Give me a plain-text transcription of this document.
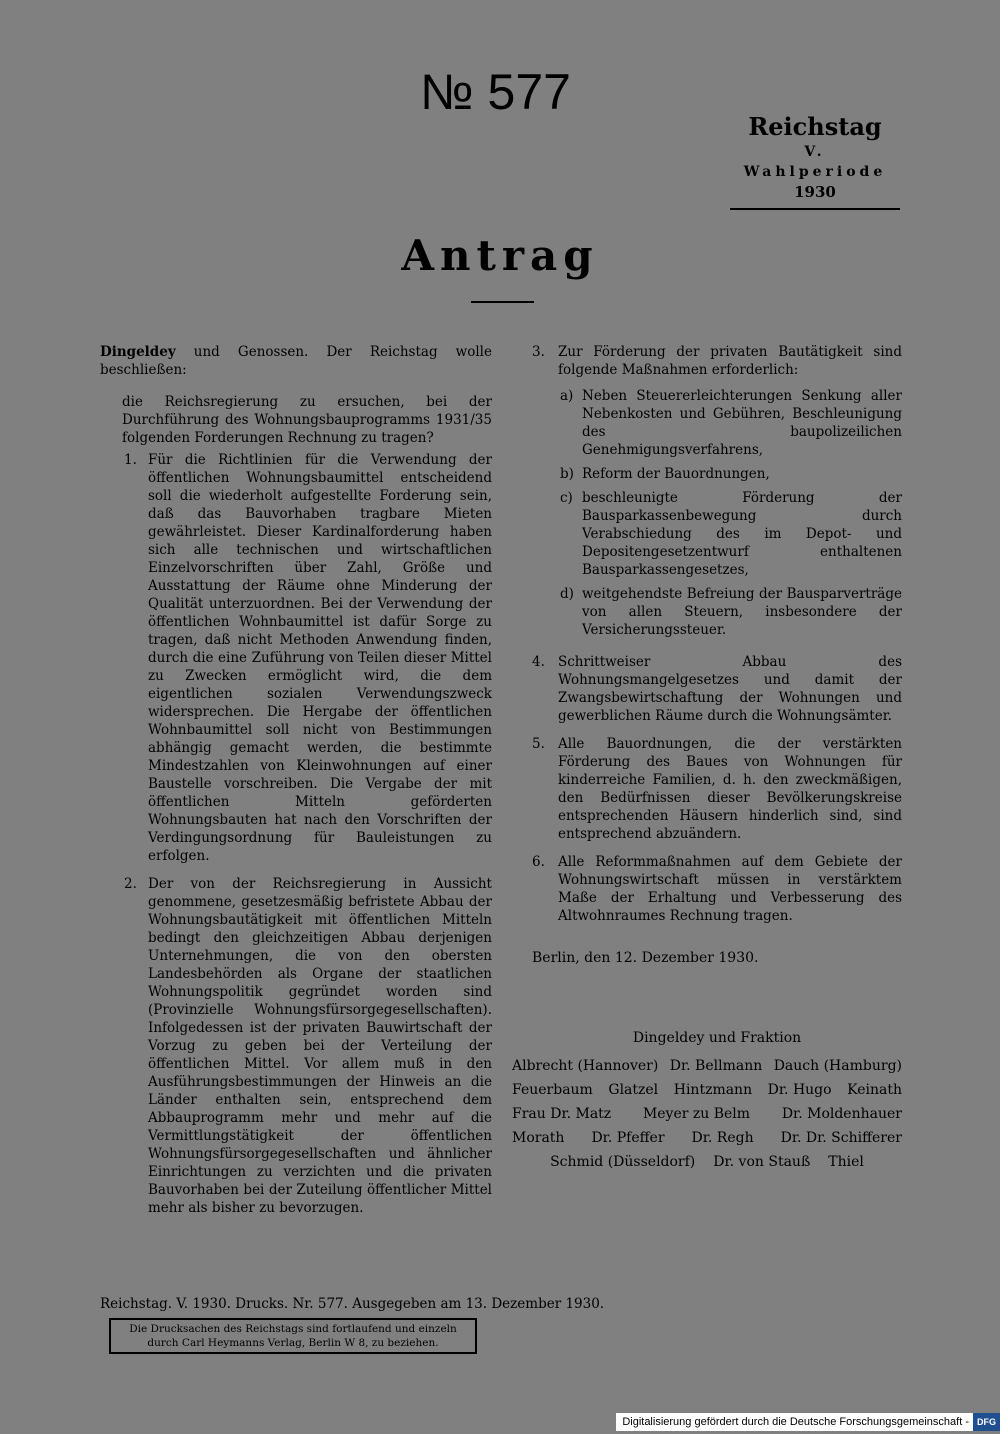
№ 577
Reichstag
V. Wahlperiode
1930
Antrag

Dingeldey und Genossen. Der Reichstag wolle beschließen:

die Reichsregierung zu ersuchen, bei der Durchführung des Wohnungsbauprogramms 1931/35 folgenden Forderungen Rechnung zu tragen?

1. Für die Richtlinien für die Verwendung der öffentlichen Wohnungsbaumittel entscheidend soll die wiederholt aufgestellte Forderung sein, daß das Bauvorhaben tragbare Mieten gewährleistet. Dieser Kardinalforderung haben sich alle technischen und wirtschaftlichen Einzelvorschriften über Zahl, Größe und Ausstattung der Räume ohne Minderung der Qualität unterzuordnen. Bei der Verwendung der öffentlichen Wohnbaumittel ist dafür Sorge zu tragen, daß nicht Methoden Anwendung finden, durch die eine Zuführung von Teilen dieser Mittel zu Zwecken ermöglicht wird, die dem eigentlichen sozialen Verwendungszweck widersprechen. Die Hergabe der öffentlichen Wohnbaumittel soll nicht von Bestimmungen abhängig gemacht werden, die bestimmte Mindestzahlen von Kleinwohnungen auf einer Baustelle vorschreiben. Die Vergabe der mit öffentlichen Mitteln geförderten Wohnungsbauten hat nach den Vorschriften der Verdingungsordnung für Bauleistungen zu erfolgen.
2. Der von der Reichsregierung in Aussicht genommene, gesetzesmäßig befristete Abbau der Wohnungsbautätigkeit mit öffentlichen Mitteln bedingt den gleichzeitigen Abbau derjenigen Unternehmungen, die von den obersten Landesbehörden als Organe der staatlichen Wohnungspolitik gegründet worden sind (Provinzielle Wohnungsfürsorgegesellschaften). Infolgedessen ist der privaten Bauwirtschaft der Vorzug zu geben bei der Verteilung der öffentlichen Mittel. Vor allem muß in den Ausführungsbestimmungen der Hinweis an die Länder enthalten sein, entsprechend dem Abbauprogramm mehr und mehr auf die Vermittlungstätigkeit der öffentlichen Wohnungsfürsorgegesellschaften und ähnlicher Einrichtungen zu verzichten und die privaten Bauvorhaben bei der Zuteilung öffentlicher Mittel mehr als bisher zu bevorzugen.
3. Zur Förderung der privaten Bautätigkeit sind folgende Maßnahmen erforderlich:
a) Neben Steuererleichterungen Senkung aller Nebenkosten und Gebühren, Beschleunigung des baupolizeilichen Genehmigungsverfahrens,
b) Reform der Bauordnungen,
c) beschleunigte Förderung der Bausparkassenbewegung durch Verabschiedung des im Depot- und Depositengesetzentwurf enthaltenen Bausparkassengesetzes,
d) weitgehendste Befreiung der Bausparverträge von allen Steuern, insbesondere der Versicherungssteuer.
4. Schrittweiser Abbau des Wohnungsmangelgesetzes und damit der Zwangsbewirtschaftung der Wohnungen und gewerblichen Räume durch die Wohnungsämter.
5. Alle Bauordnungen, die der verstärkten Förderung des Baues von Wohnungen für kinderreiche Familien, d. h. den zweckmäßigen, den Bedürfnissen dieser Bevölkerungskreise entsprechenden Häusern hinderlich sind, sind entsprechend abzuändern.
6. Alle Reformmaßnahmen auf dem Gebiete der Wohnungswirtschaft müssen in verstärktem Maße der Erhaltung und Verbesserung des Altwohnraumes Rechnung tragen.
Berlin, den 12. Dezember 1930.
Dingeldey und Fraktion
Albrecht (Hannover) Dr. Bellmann Dauch (Hamburg)
Feuerbaum Glatzel Hintzmann Dr. Hugo Keinath
Frau Dr. Matz Meyer zu Belm Dr. Moldenhauer
Morath Dr. Pfeffer Dr. Regh Dr. Dr. Schifferer
Schmid (Düsseldorf) Dr. von Stauß Thiel
Reichstag. V. 1930. Drucks. Nr. 577. Ausgegeben am 13. Dezember 1930.
Die Drucksachen des Reichstags sind fortlaufend und einzeln
durch Carl Heymanns Verlag, Berlin W 8, zu beziehen.
Digitalisierung gefördert durch die Deutsche Forschungsgemeinschaft - DFG
